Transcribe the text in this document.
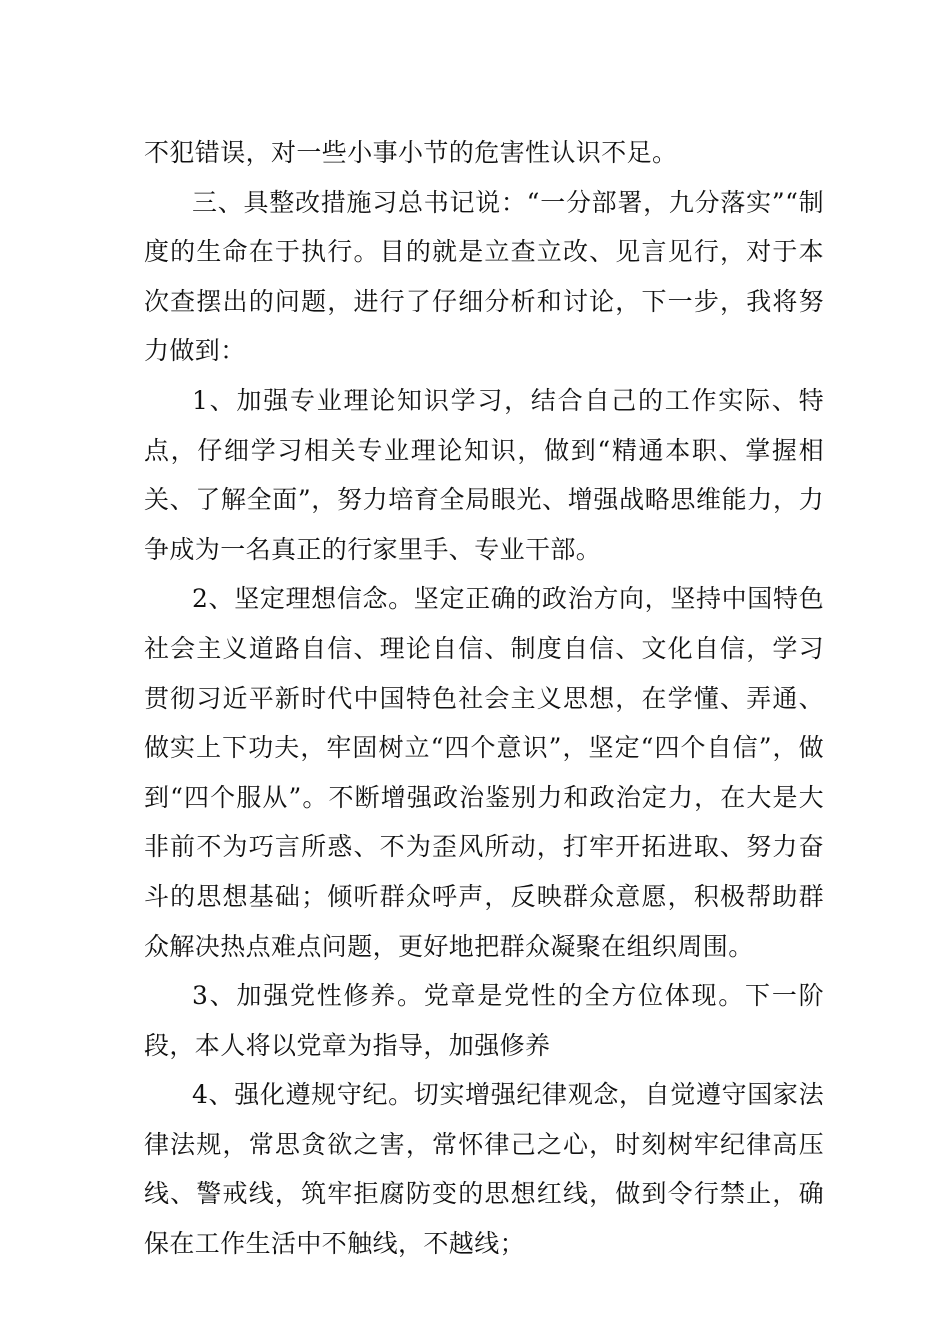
不犯错误，对一些小事小节的危害性认识不足。

三、具整改措施习总书记说：“一分部署，九分落实”“制度的生命在于执行。目的就是立查立改、见言见行，对于本次查摆出的问题，进行了仔细分析和讨论，下一步，我将努力做到：

1、加强专业理论知识学习，结合自己的工作实际、特点，仔细学习相关专业理论知识，做到“精通本职、掌握相关、了解全面”，努力培育全局眼光、增强战略思维能力，力争成为一名真正的行家里手、专业干部。

2、坚定理想信念。坚定正确的政治方向，坚持中国特色社会主义道路自信、理论自信、制度自信、文化自信，学习贯彻习近平新时代中国特色社会主义思想，在学懂、弄通、做实上下功夫，牢固树立“四个意识”，坚定“四个自信”，做到“四个服从”。不断增强政治鉴别力和政治定力，在大是大非前不为巧言所惑、不为歪风所动，打牢开拓进取、努力奋斗的思想基础；倾听群众呼声，反映群众意愿，积极帮助群众解决热点难点问题，更好地把群众凝聚在组织周围。

3、加强党性修养。党章是党性的全方位体现。下一阶段，本人将以党章为指导，加强修养

4、强化遵规守纪。切实增强纪律观念，自觉遵守国家法律法规，常思贪欲之害，常怀律己之心，时刻树牢纪律高压线、警戒线，筑牢拒腐防变的思想红线，做到令行禁止，确保在工作生活中不触线，不越线；
